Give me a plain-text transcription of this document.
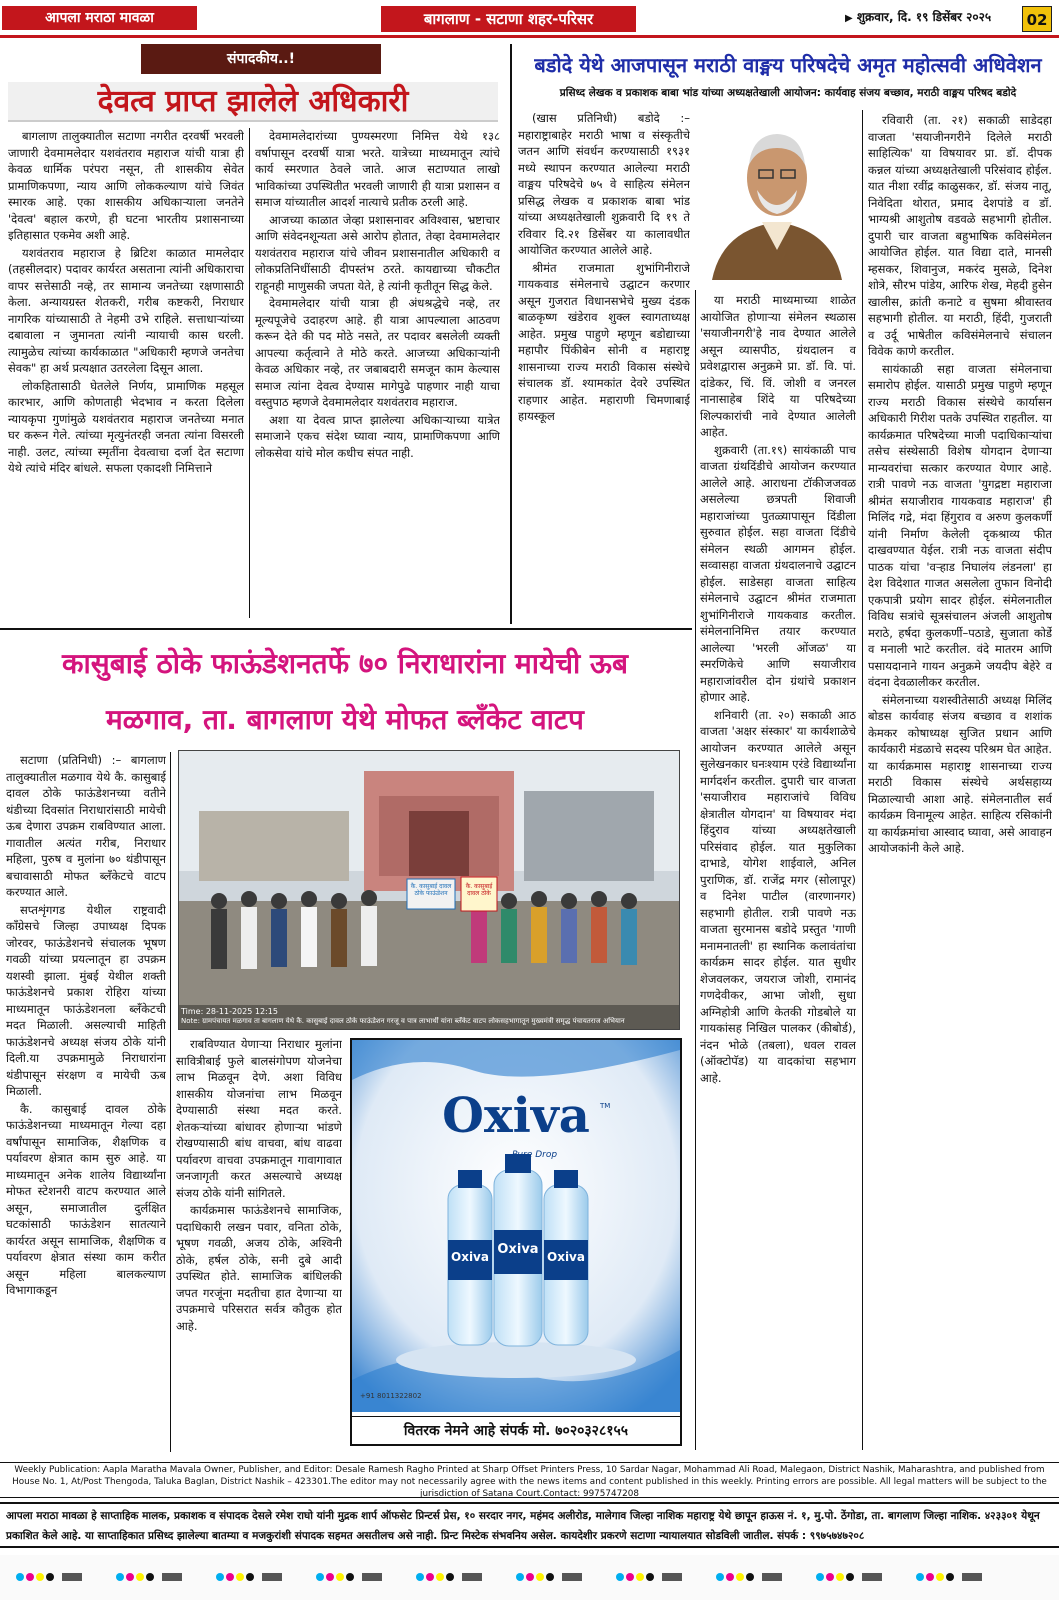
आपला मराठा मावळा	बागलाण - सटाणा शहर-परिसर	▶ शुक्रवार, दि. १९ डिसेंबर २०२५	02
संपादकीय..!
देवत्व प्राप्त झालेले अधिकारी

बागलाण तालुक्यातील सटाणा नगरीत दरवर्षी भरवली जाणारी देवमामलेदार यशवंतराव महाराज यांची यात्रा ही केवळ धार्मिक परंपरा नसून, ती शासकीय सेवेत प्रामाणिकपणा, न्याय आणि लोककल्याण यांचे जिवंत स्मारक आहे. एका शासकीय अधिकाऱ्याला जनतेने 'देवत्व' बहाल करणे, ही घटना भारतीय प्रशासनाच्या इतिहासात एकमेव अशी आहे.

यशवंतराव महाराज हे ब्रिटिश काळात मामलेदार (तहसीलदार) पदावर कार्यरत असताना त्यांनी अधिकाराचा वापर सत्तेसाठी नव्हे, तर सामान्य जनतेच्या रक्षणासाठी केला. अन्यायग्रस्त शेतकरी, गरीब कष्टकरी, निराधार नागरिक यांच्यासाठी ते नेहमी उभे राहिले. सत्ताधाऱ्यांच्या दबावाला न जुमानता त्यांनी न्यायाची कास धरली. त्यामुळेच त्यांच्या कार्यकाळात "अधिकारी म्हणजे जनतेचा सेवक" हा अर्थ प्रत्यक्षात उतरलेला दिसून आला.

लोकहितासाठी घेतलेले निर्णय, प्रामाणिक महसूल कारभार, आणि कोणताही भेदभाव न करता दिलेला न्यायकृपा गुणांमुळे यशवंतराव महाराज जनतेच्या मनात घर करून गेले. त्यांच्या मृत्युनंतरही जनता त्यांना विसरली नाही. उलट, त्यांच्या स्मृतींना देवत्वाचा दर्जा देत सटाणा येथे त्यांचे मंदिर बांधले. सफला एकादशी निमित्ताने

देवमामलेदारांच्या पुण्यस्मरणा निमित्त येथे १३८ वर्षापासून दरवर्षी यात्रा भरते. यात्रेच्या माध्यमातून त्यांचे कार्य स्मरणात ठेवले जाते. आज सटाण्यात लाखो भाविकांच्या उपस्थितीत भरवली जाणारी ही यात्रा प्रशासन व समाज यांच्यातील आदर्श नात्याचे प्रतीक ठरली आहे.

आजच्या काळात जेव्हा प्रशासनावर अविश्वास, भ्रष्टाचार आणि संवेदनशून्यता असे आरोप होतात, तेव्हा देवमामलेदार यशवंतराव महाराज यांचे जीवन प्रशासनातील अधिकारी व लोकप्रतिनिधींसाठी दीपस्तंभ ठरते. कायद्याच्या चौकटीत राहूनही माणुसकी जपता येते, हे त्यांनी कृतीतून सिद्ध केले.

देवमामलेदार यांची यात्रा ही अंधश्रद्धेचे नव्हे, तर मूल्यपूजेचे उदाहरण आहे. ही यात्रा आपल्याला आठवण करून देते की पद मोठे नसते, तर पदावर बसलेली व्यक्ती आपल्या कर्तृत्वाने ते मोठे करते. आजच्या अधिकाऱ्यांनी केवळ अधिकार नव्हे, तर जबाबदारी समजून काम केल्यास समाज त्यांना देवत्व देण्यास मागेपुढे पाहणार नाही याचा वस्तुपाठ म्हणजे देवमामलेदार यशवंतराव महाराज.

अशा या देवत्व प्राप्त झालेल्या अधिकाऱ्याच्या यात्रेत समाजाने एकच संदेश घ्यावा न्याय, प्रामाणिकपणा आणि लोकसेवा यांचे मोल कधीच संपत नाही.

बडोदे येथे आजपासून मराठी वाङ्मय परिषदेचे अमृत महोत्सवी अधिवेशन
प्रसिध्द लेखक व प्रकाशक बाबा भांड यांच्या अध्यक्षतेखाली आयोजन: कार्यवाह संजय बच्छाव, मराठी वाङ्मय परिषद बडोदे

(खास प्रतिनिधी) बडोदे :– महाराष्ट्राबाहेर मराठी भाषा व संस्कृतीचे जतन आणि संवर्धन करण्यासाठी १९३१ मध्ये स्थापन करण्यात आलेल्या मराठी वाङ्मय परिषदेचे ७५ वे साहित्य संमेलन प्रसिद्ध लेखक व प्रकाशक बाबा भांड यांच्या अध्यक्षतेखाली शुक्रवारी दि १९ ते रविवार दि.२१ डिसेंबर या कालावधीत आयोजित करण्यात आलेले आहे.

श्रीमंत राजमाता शुभांगिनीराजे गायकवाड संमेलनाचे उद्घाटन करणार असून गुजरात विधानसभेचे मुख्य दंडक बाळकृष्ण खंडेराव शुक्ल स्वागताध्यक्ष आहेत. प्रमुख पाहुणे म्हणून बडोद्याच्या महापौर पिंकीबेन सोनी व महाराष्ट्र शासनाच्या राज्य मराठी विकास संस्थेचे संचालक डॉ. श्यामकांत देवरे उपस्थित राहणार आहेत. महाराणी चिमणाबाई हायस्कूल

या मराठी माध्यमाच्या शाळेत आयोजित होणाऱ्या संमेलन स्थळास 'सयाजीनगरी'हे नाव देण्यात आलेले असून व्यासपीठ, ग्रंथदालन व प्रवेशद्वारास अनुक्रमे प्रा. डॉ. वि. पां. दांडेकर, चिं. विं. जोशी व जनरल नानासाहेब शिंदे या परिषदेच्या शिल्पकारांची नावे देण्यात आलेली आहेत.

शुक्रवारी (ता.१९) सायंकाळी पाच वाजता ग्रंथदिंडीचे आयोजन करण्यात आलेले आहे. आराधना टॉकीजजवळ असलेल्या छत्रपती शिवाजी महाराजांच्या पुतळ्यापासून दिंडीला सुरुवात होईल. सहा वाजता दिंडीचे संमेलन स्थळी आगमन होईल. सव्वासहा वाजता ग्रंथदालनाचे उद्घाटन होईल. साडेसहा वाजता साहित्य संमेलनाचे उद्घाटन श्रीमंत राजमाता शुभांगिनीराजे गायकवाड करतील. संमेलनानिमित्त तयार करण्यात आलेल्या 'भरली ओंजळ' या स्मरणिकेचे आणि सयाजीराव महाराजांवरील दोन ग्रंथांचे प्रकाशन होणार आहे.

शनिवारी (ता. २०) सकाळी आठ वाजता 'अक्षर संस्कार' या कार्यशाळेचे आयोजन करण्यात आलेले असून सुलेखनकार घनःश्याम एरंडे विद्यार्थ्यांना मार्गदर्शन करतील. दुपारी चार वाजता 'सयाजीराव महाराजांचे विविध क्षेत्रातील योगदान' या विषयावर मंदा हिंदुराव यांच्या अध्यक्षतेखाली परिसंवाद होईल. यात मुकुलिका दाभाडे, योगेश शाईवाले, अनिल पुराणिक, डॉ. राजेंद्र मगर (सोलापूर) व दिनेश पाटील (वारणानगर) सहभागी होतील. रात्री पावणे नऊ वाजता सुरमानस बडोदे प्रस्तुत 'गाणी मनामनातली' हा स्थानिक कलावंतांचा कार्यक्रम सादर होईल. यात सुधीर शेजवलकर, जयराज जोशी, रामानंद गणदेवीकर, आभा जोशी, सुधा अग्निहोत्री आणि केतकी गोडबोले या गायकांसह निखिल पालकर (कीबोर्ड), नंदन भोळे (तबला), धवल रावल (ऑक्टोपॅड) या वादकांचा सहभाग आहे.

रविवारी (ता. २१) सकाळी साडेदहा वाजता 'सयाजीनगरीने दिलेले मराठी साहित्यिक' या विषयावर प्रा. डॉ. दीपक कन्नल यांच्या अध्यक्षतेखाली परिसंवाद होईल. यात नीशा रवींद्र काळुसकर, डॉ. संजय नातू, निवेदिता थोरात, प्रमाद देशपांडे व डॉ. भाग्यश्री आशुतोष वडवळे सहभागी होतील. दुपारी चार वाजता बहुभाषिक कविसंमेलन आयोजित होईल. यात विद्या दाते, मानसी म्हसकर, शिवानुज, मकरंद मुसळे, दिनेश शोत्रे, सौरभ पांडेय, आरिफ शेख, मेहदी हुसेन खालीस, क्रांती कनाटे व सुषमा श्रीवास्तव सहभागी होतील. या मराठी, हिंदी, गुजराती व उर्दू भाषेतील कविसंमेलनाचे संचालन विवेक काणे करतील.

सायंकाळी सहा वाजता संमेलनाचा समारोप होईल. यासाठी प्रमुख पाहुणे म्हणून राज्य मराठी विकास संस्थेचे कार्यासन अधिकारी गिरीश पतके उपस्थित राहतील. या कार्यक्रमात परिषदेच्या माजी पदाधिकाऱ्यांचा तसेच संस्थेसाठी विशेष योगदान देणाऱ्या मान्यवरांचा सत्कार करण्यात येणार आहे. रात्री पावणे नऊ वाजता 'युगद्रष्टा महाराजा श्रीमंत सयाजीराव गायकवाड महाराज' ही मिलिंद गद्रे, मंदा हिंगुराव व अरुण कुलकर्णी यांनी निर्माण केलेली दृकश्राव्य फीत दाखवण्यात येईल. रात्री नऊ वाजता संदीप पाठक यांचा 'वऱ्हाड निघालंय लंडनला' हा देश विदेशात गाजत असलेला तुफान विनोदी एकपात्री प्रयोग सादर होईल. संमेलनातील विविध सत्रांचे सूत्रसंचालन अंजली आशुतोष मराठे, हर्षदा कुलकर्णी–पठाडे, सुजाता कोर्डे व मनाली भाटे करतील. वंदे मातरम आणि पसायदानाने गायन अनुक्रमे जयदीप बेहेरे व वंदना देवळालीकर करतील.

संमेलनाच्या यशस्वीतेसाठी अध्यक्ष मिलिंद बोडस कार्यवाह संजय बच्छाव व शशांक केमकर कोषाध्यक्ष सुजित प्रधान आणि कार्यकारी मंडळाचे सदस्य परिश्रम घेत आहेत. या कार्यक्रमास महाराष्ट्र शासनाच्या राज्य मराठी विकास संस्थेचे अर्थसहाय्य मिळाल्याची आशा आहे. संमेलनातील सर्व कार्यक्रम विनामूल्य आहेत. साहित्य रसिकांनी या कार्यक्रमांचा आस्वाद घ्यावा, असे आवाहन आयोजकांनी केले आहे.

कासुबाई ठोके फाऊंडेशनतर्फे ७० निराधारांना मायेची ऊब
मळगाव, ता. बागलाण येथे मोफत ब्लँकेट वाटप

सटाणा (प्रतिनिधी) :– बागलाण तालुक्यातील मळगाव येथे कै. कासुबाई दावल ठोके फाऊंडेशनच्या वतीने थंडीच्या दिवसांत निराधारांसाठी मायेची ऊब देणारा उपक्रम राबविण्यात आला. गावातील अत्यंत गरीब, निराधार महिला, पुरुष व मुलांना ७० थंडीपासून बचावासाठी मोफत ब्लँकेटचे वाटप करण्यात आले.

सप्तशृंगगड येथील राष्ट्रवादी काँग्रेसचे जिल्हा उपाध्यक्ष दिपक जोरवर, फाऊंडेशनचे संचालक भूषण गवळी यांच्या प्रयत्नातून हा उपक्रम यशस्वी झाला. मुंबई येथील शक्ती फाऊंडेशनचे प्रकाश रोहिरा यांच्या माध्यमातून फाऊंडेशनला ब्लँकेटची मदत मिळाली. असल्याची माहिती फाऊंडेशनचे अध्यक्ष संजय ठोके यांनी दिली.या उपक्रमामुळे निराधारांना थंडीपासून संरक्षण व मायेची ऊब मिळाली.

कै. कासुबाई दावल ठोके फाऊंडेशनच्या माध्यमातून गेल्या दहा वर्षांपासून सामाजिक, शैक्षणिक व पर्यावरण क्षेत्रात काम सुरु आहे. या माध्यमातून अनेक शालेय विद्यार्थ्यांना मोफत स्टेशनरी वाटप करण्यात आले असून, समाजातील दुर्लक्षित घटकांसाठी फाऊंडेशन सातत्याने कार्यरत असून सामाजिक, शैक्षणिक व पर्यावरण क्षेत्रात संस्था काम करीत असून महिला बालकल्याण विभागाकडून

कै. कासुबाई दावल ठोके फाऊंडेशन
कै. कासुबाई दावल ठोके
Time: 28-11-2025 12:15
Note: ग्रामपंचायत मळगाव ता बागलाण येथे कै. कासुबाई दावल ठोके फाऊंडेशन गरजू व पात्र लाभार्थी यांना ब्लँकेट वाटप लोकसहभागातून मुख्यमंत्री समृद्ध पंचायतराज अभियान

राबविण्यात येणाऱ्या निराधार मुलांना सावित्रीबाई फुले बालसंगोपण योजनेचा लाभ मिळवून देणे. अशा विविध शासकीय योजनांचा लाभ मिळवून देण्यासाठी संस्था मदत करते. शेतकऱ्यांच्या बांधावर होणाऱ्या भांडणे रोखण्यासाठी बांध वाचवा, बांध वाढवा पर्यावरण वाचवा उपक्रमातून गावागावात जनजागृती करत असल्याचे अध्यक्ष संजय ठोके यांनी सांगितले.

कार्यक्रमास फाऊंडेशनचे सामाजिक, पदाधिकारी लखन पवार, वनिता ठोके, भूषण गवळी, अजय ठोके, अश्विनी ठोके, हर्षल ठोके, सनी दुबे आदी उपस्थित होते. सामाजिक बांधिलकी जपत गरजूंना मदतीचा हात देणाऱ्या या उपक्रमाचे परिसरात सर्वत्र कौतुक होत आहे.

Oxiva	TM
Pure Drop
Oxiva Oxiva Oxiva
+91 8011322802
वितरक नेमने आहे संपर्क मो. ७०२०३२८१५५
Weekly Publication: Aapla Maratha Mavala Owner, Publisher, and Editor: Desale Ramesh Ragho Printed at Sharp Offset Printers Press, 10 Sardar Nagar, Mohammad Ali Road, Malegaon, District Nashik, Maharashtra, and published from House No. 1, At/Post Thengoda, Taluka Baglan, District Nashik – 423301.The editor may not necessarily agree with the news items and content published in this weekly. Printing errors are possible. All legal matters will be subject to the jurisdiction of Satana Court.Contact: 9975747208
आपला मराठा मावळा हे साप्ताहिक मालक, प्रकाशक व संपादक देसले रमेश राघो यांनी मुद्रक शार्प ऑफसेट प्रिन्टर्स प्रेस, १० सरदार नगर, महंमद अलीरोड, मालेगाव जिल्हा नाशिक महाराष्ट्र येथे छापून हाऊस नं. १, मु.पो. ठेंगोडा, ता. बागलाण जिल्हा नाशिक. ४२३३०१ येथून प्रकाशित केले आहे. या साप्ताहिकात प्रसिध्द झालेल्या बातम्या व मजकुरांशी संपादक सहमत असतीलच असे नाही. प्रिन्ट मिस्टेक संभवनिय असेल. कायदेशीर प्रकरणे सटाणा न्यायालयात सोडविली जातील. संपर्क : ९९७५७४७२०८
